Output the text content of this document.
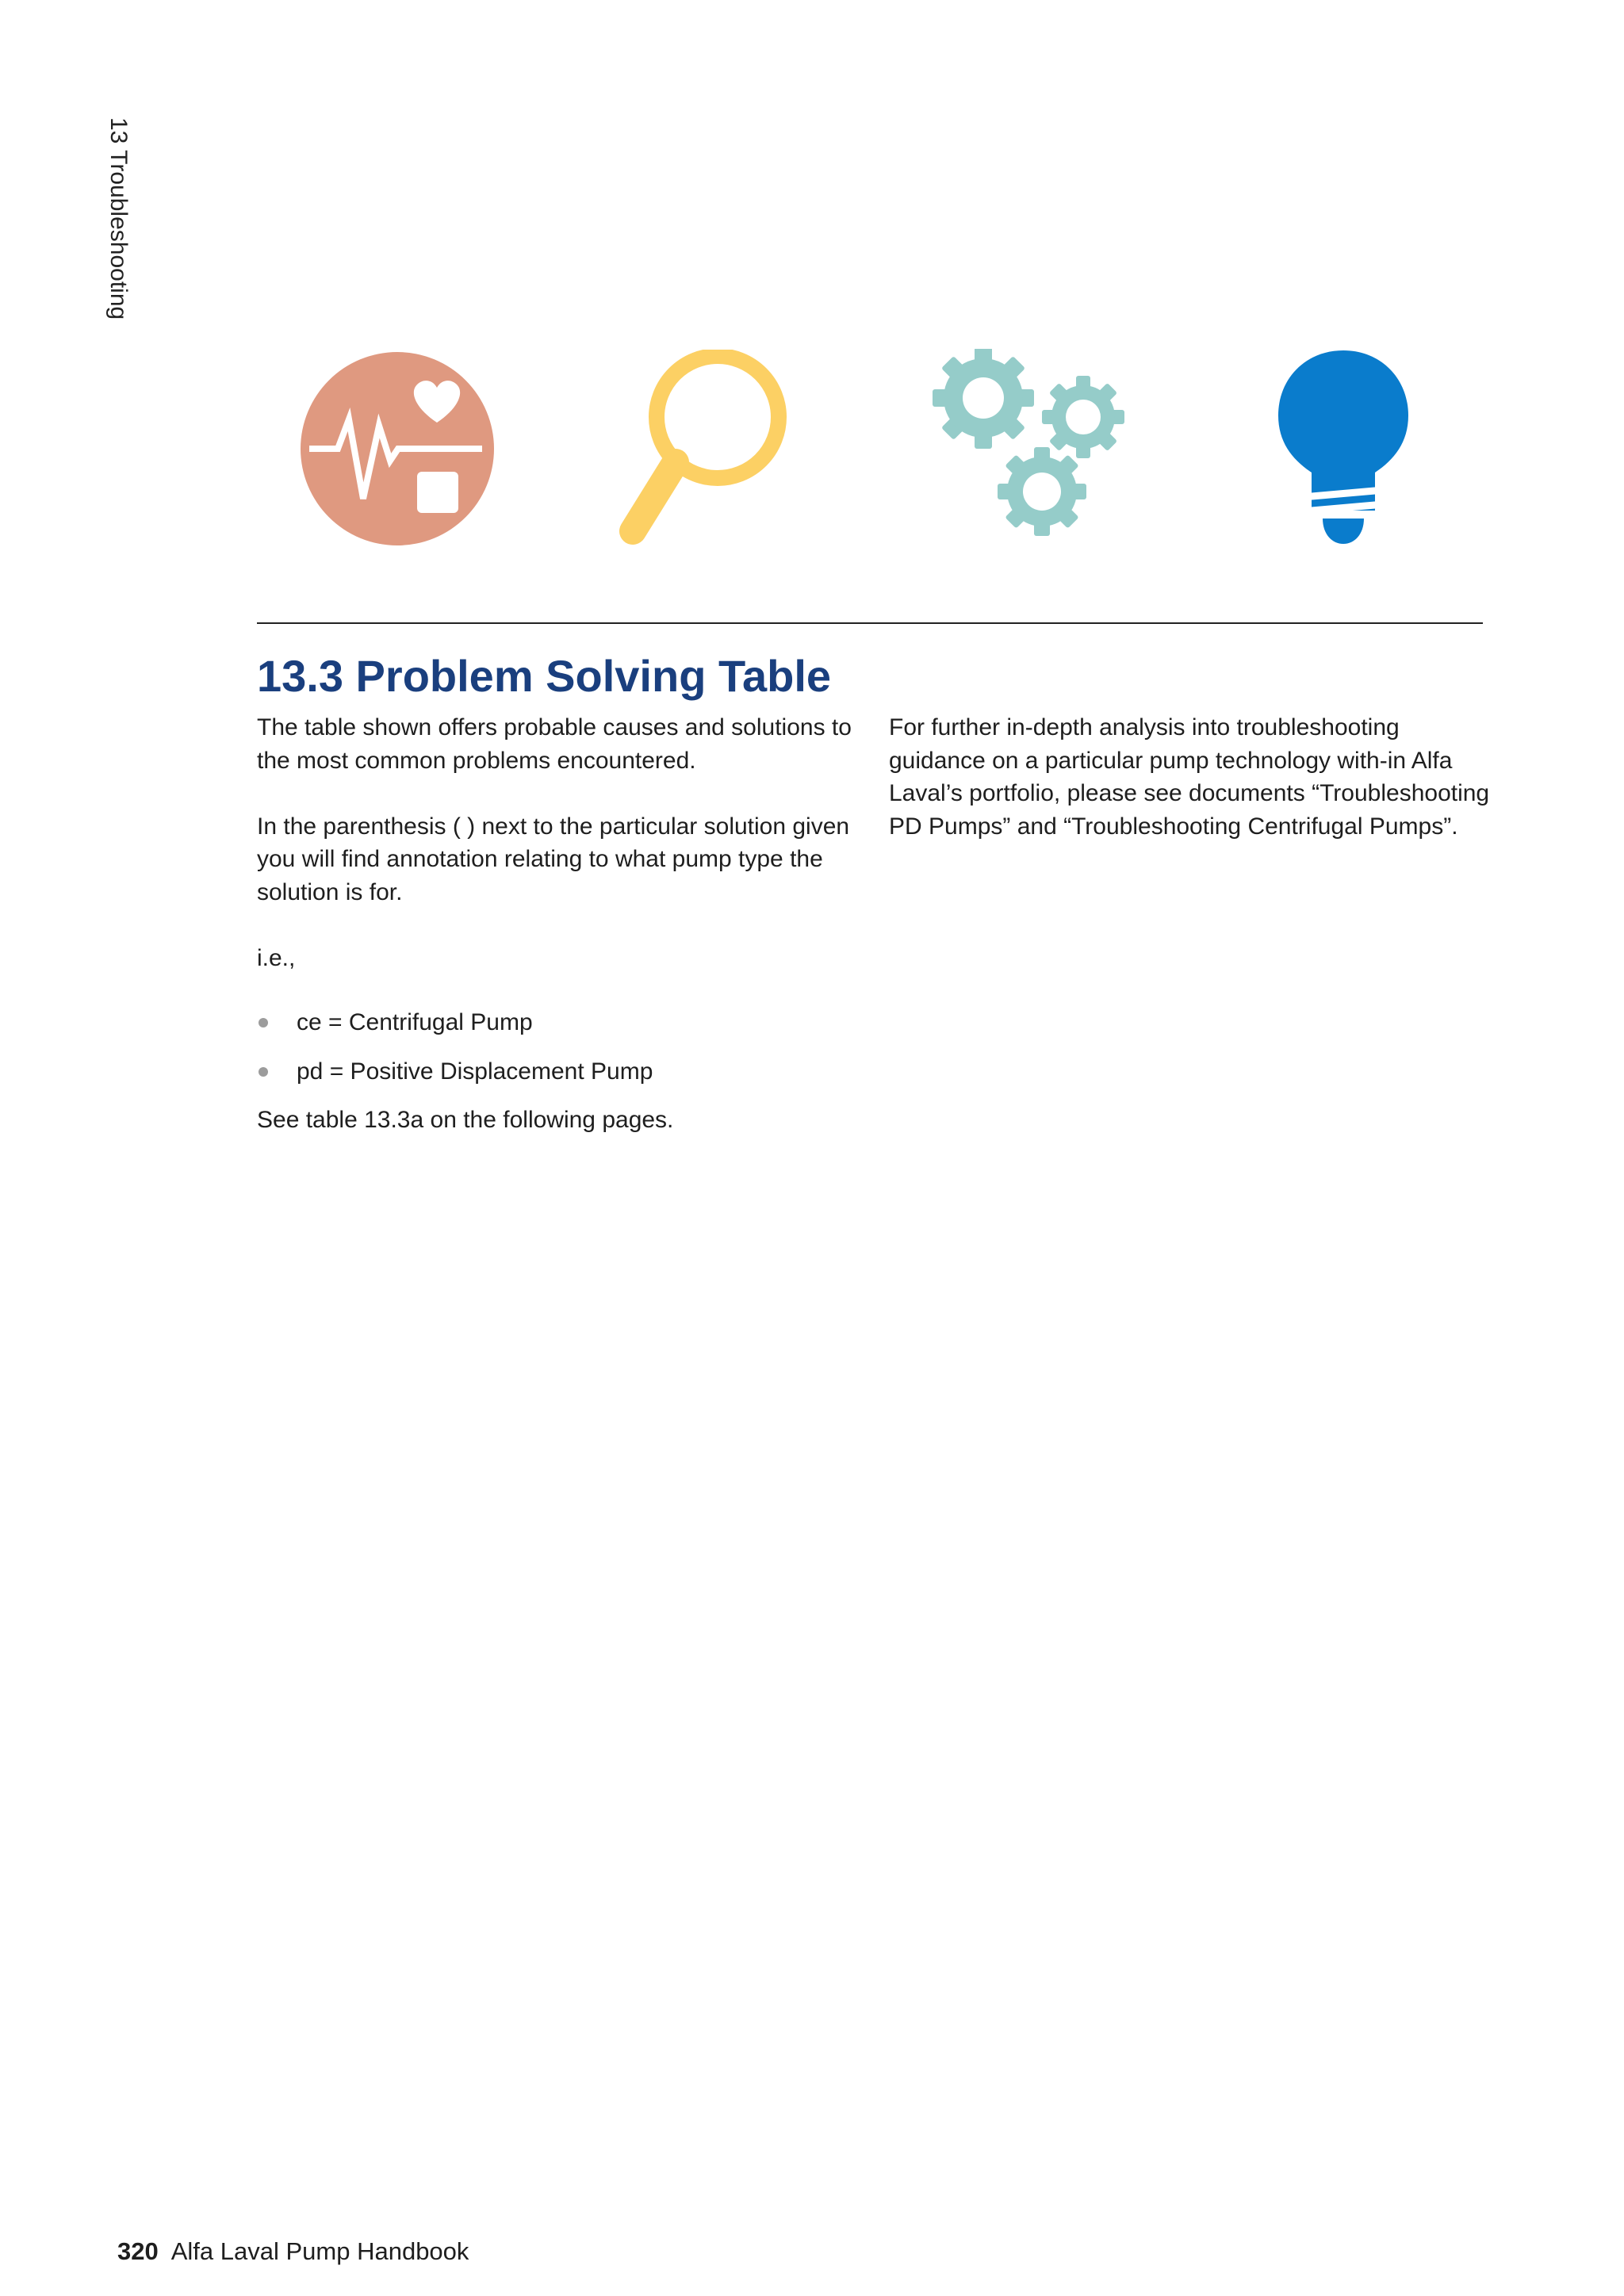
13 Troubleshooting
13.3 Problem Solving Table

The table shown offers probable causes and solutions to the most common problems encountered.

In the parenthesis ( ) next to the particular solution given you will find annotation relating to what pump type the solution is for.

i.e.,

ce = Centrifugal Pump
pd = Positive Displacement Pump

See table 13.3a on the following pages.

For further in-depth analysis into troubleshooting guidance on a particular pump technology with-in Alfa Laval’s portfolio, please see documents “Troubleshooting PD Pumps” and “Troubleshooting Centrifugal Pumps”.

320 Alfa Laval Pump Handbook
